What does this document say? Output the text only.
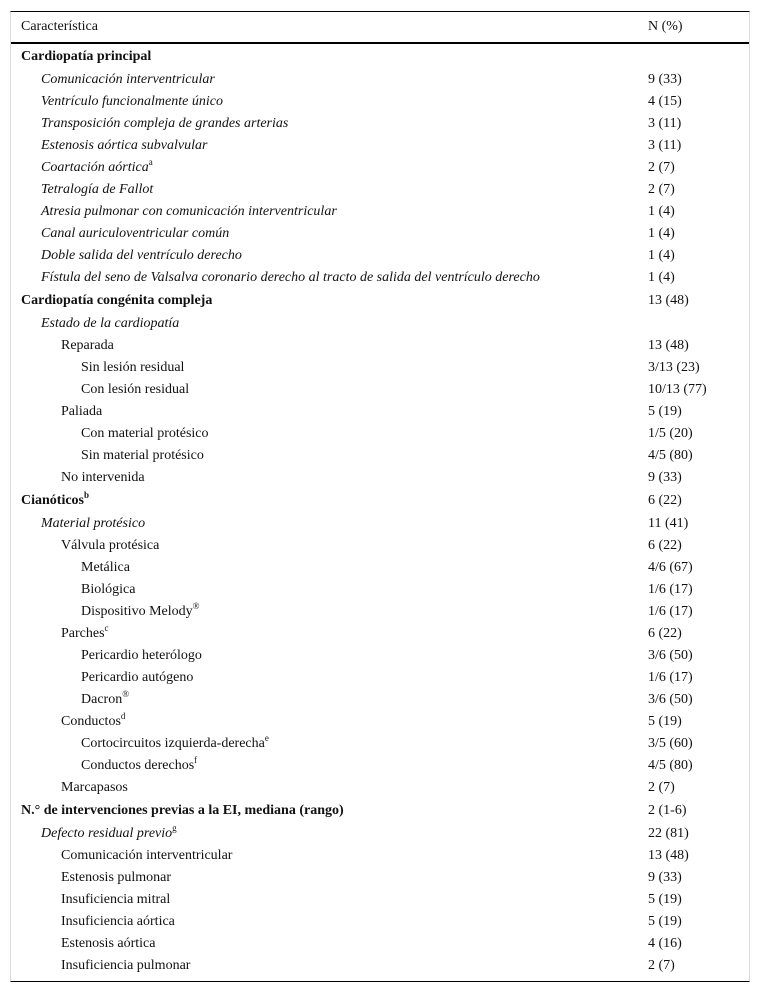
Característica	N (%)
Cardiopatía principal
Comunicación interventricular	9 (33)
Ventrículo funcionalmente único	4 (15)
Transposición compleja de grandes arterias	3 (11)
Estenosis aórtica subvalvular	3 (11)
Coartación aórtica$^a$	2 (7)
Tetralogía de Fallot	2 (7)
Atresia pulmonar con comunicación interventricular	1 (4)
Canal auriculoventricular común	1 (4)
Doble salida del ventrículo derecho	1 (4)
Fístula del seno de Valsalva coronario derecho al tracto de salida del ventrículo derecho	1 (4)
Cardiopatía congénita compleja	13 (48)
Estado de la cardiopatía
Reparada	13 (48)
Sin lesión residual	3/13 (23)
Con lesión residual	10/13 (77)
Paliada	5 (19)
Con material protésico	1/5 (20)
Sin material protésico	4/5 (80)
No intervenida	9 (33)
Cianóticos$^b$	6 (22)
Material protésico	11 (41)
Válvula protésica	6 (22)
Metálica	4/6 (67)
Biológica	1/6 (17)
Dispositivo Melody®	1/6 (17)
Parches$^c$	6 (22)
Pericardio heterólogo	3/6 (50)
Pericardio autógeno	1/6 (17)
Dacron®	3/6 (50)
Conductos$^d$	5 (19)
Cortocircuitos izquierda-derecha$^e$	3/5 (60)
Conductos derechos$^f$	4/5 (80)
Marcapasos	2 (7)
N.° de intervenciones previas a la EI, mediana (rango)	2 (1-6)
Defecto residual previo$^g$	22 (81)
Comunicación interventricular	13 (48)
Estenosis pulmonar	9 (33)
Insuficiencia mitral	5 (19)
Insuficiencia aórtica	5 (19)
Estenosis aórtica	4 (16)
Insuficiencia pulmonar	2 (7)
